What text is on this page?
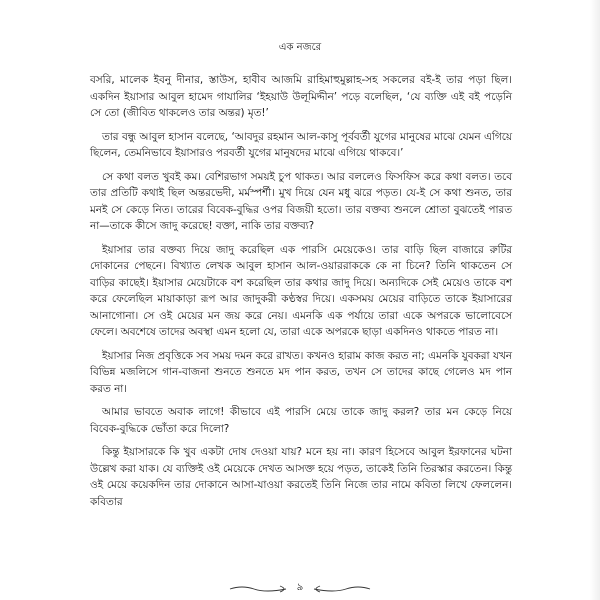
এক নজরে

বসরি, মালেক ইবনু দীনার, স্তাউস, হাবীব আজমি রাহিমাহুমুল্লাহ-সহ সকলের বই-ই তার পড়া ছিল। একদিন ইয়াসার আবুল হামেদ গাযালির ‘ইহয়াউ উলূমিদ্দীন’ পড়ে বলেছিল, ‘যে ব্যক্তি এই বই পড়েনি সে তো (জীবিত থাকলেও তার অন্তর) মৃত!’

তার বন্ধু আবুল হাসান বলেছে, ‘আবদুর রহমান আল-কাসু পূর্ববর্তী যুগের মানুষের মাঝে যেমন এগিয়ে ছিলেন, তেমনিভাবে ইয়াসারও পরবর্তী যুগের মানুষদের মাঝে এগিয়ে থাকবে।’

সে কথা বলত খুবই কম। বেশিরভাগ সময়ই চুপ থাকত। আর বললেও ফিসফিস করে কথা বলত। তবে তার প্রতিটি কথাই ছিল অন্তরভেদী, মর্মস্পর্শী। মুখ দিয়ে যেন মধু ঝরে পড়ত। যে-ই সে কথা শুনত, তার মনই সে কেড়ে নিত। তারের বিবেক-বুদ্ধির ওপর বিজয়ী হতো। তার বক্তব্য শুনলে শ্রোতা বুঝতেই পারত না—তাকে কীসে জাদু করেছে! বক্তা, নাকি তার বক্তব্য?

ইয়াসার তার বক্তব্য দিয়ে জাদু করেছিল এক পারসি মেয়েকেও। তার বাড়ি ছিল বাজারে রুটির দোকানের পেছনে। বিখ্যাত লেখক আবুল হাসান আল-ওয়াররাককে কে না চিনে? তিনি থাকতেন সে বাড়ির কাছেই। ইয়াসার মেয়েটাকে বশ করেছিল তার কথার জাদু দিয়ে। অন্যদিকে সেই মেয়েও তাকে বশ করে ফেলেছিল মায়াকাড়া রূপ আর জাদুকরী কণ্ঠস্বর দিয়ে। একসময় মেয়ের বাড়িতে তাকে ইয়াসারের আনাগোনা। সে ওই মেয়ের মন জয় করে নেয়। এমনকি এক পর্যায়ে তারা একে অপরকে ভালোবেসে ফেলে। অবশেষে তাদের অবস্থা এমন হলো যে, তারা একে অপরকে ছাড়া একদিনও থাকতে পারত না।

ইয়াসার নিজ প্রবৃত্তিকে সব সময় দমন করে রাখত। কখনও হারাম কাজ করত না; এমনকি যুবকরা যখন বিভিন্ন মজলিসে গান-বাজনা শুনতে শুনতে মদ পান করত, তখন সে তাদের কাছে গেলেও মদ পান করত না।

আমার ভাবতে অবাক লাগে! কীভাবে এই পারসি মেয়ে তাকে জাদু করল? তার মন কেড়ে নিয়ে বিবেক-বুদ্ধিকে ভোঁতা করে দিলো?

কিন্তু ইয়াসারকে কি খুব একটা দোষ দেওয়া যায়? মনে হয় না। কারণ হিসেবে আবুল ইরফানের ঘটনা উল্লেখ করা যাক। যে ব্যক্তিই ওই মেয়েকে দেখত আসক্ত হয়ে পড়ত, তাকেই তিনি তিরস্কার করতেন। কিন্তু ওই মেয়ে কয়েকদিন তার দোকানে আসা-যাওয়া করতেই তিনি নিজে তার নামে কবিতা লিখে ফেললেন। কবিতার

৯
